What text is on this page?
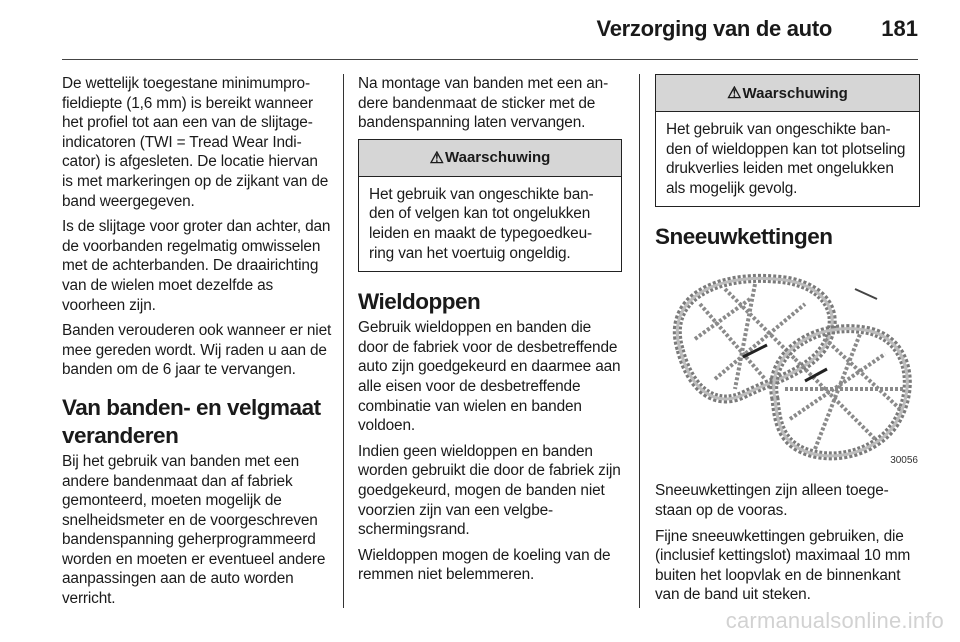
Verzorging van de auto 181

De wettelijk toegestane minimumprofieldiepte (1,6 mm) is bereikt wanneer het profiel tot aan een van de slijtageindicatoren (TWI = Tread Wear Indicator) is afgesleten. De locatie hiervan is met markeringen op de zijkant van de band weergegeven.

Is de slijtage voor groter dan achter, dan de voorbanden regelmatig omwisselen met de achterbanden. De draairichting van de wielen moet dezelfde as voorheen zijn.

Banden verouderen ook wanneer er niet mee gereden wordt. Wij raden u aan de banden om de 6 jaar te vervangen.

Van banden- en velgmaat veranderen

Bij het gebruik van banden met een andere bandenmaat dan af fabriek gemonteerd, moeten mogelijk de snelheidsmeter en de voorgeschreven bandenspanning geherprogrammeerd worden en moeten er eventueel andere aanpassingen aan de auto worden verricht.

Na montage van banden met een andere bandenmaat de sticker met de bandenspanning laten vervangen.

⚠ Waarschuwing

Het gebruik van ongeschikte banden of velgen kan tot ongelukken leiden en maakt de typegoedkeuring van het voertuig ongeldig.

Wieldoppen

Gebruik wieldoppen en banden die door de fabriek voor de desbetreffende auto zijn goedgekeurd en daarmee aan alle eisen voor de desbetreffende combinatie van wielen en banden voldoen.

Indien geen wieldoppen en banden worden gebruikt die door de fabriek zijn goedgekeurd, mogen de banden niet voorzien zijn van een velgbeschermingsrand.

Wieldoppen mogen de koeling van de remmen niet belemmeren.

⚠ Waarschuwing

Het gebruik van ongeschikte banden of wieldoppen kan tot plotseling drukverlies leiden met ongelukken als mogelijk gevolg.

Sneeuwkettingen
30056

Sneeuwkettingen zijn alleen toegestaan op de vooras.

Fijne sneeuwkettingen gebruiken, die (inclusief kettingslot) maximaal 10 mm buiten het loopvlak en de binnenkant van de band uit steken.

carmanualsonline.info
